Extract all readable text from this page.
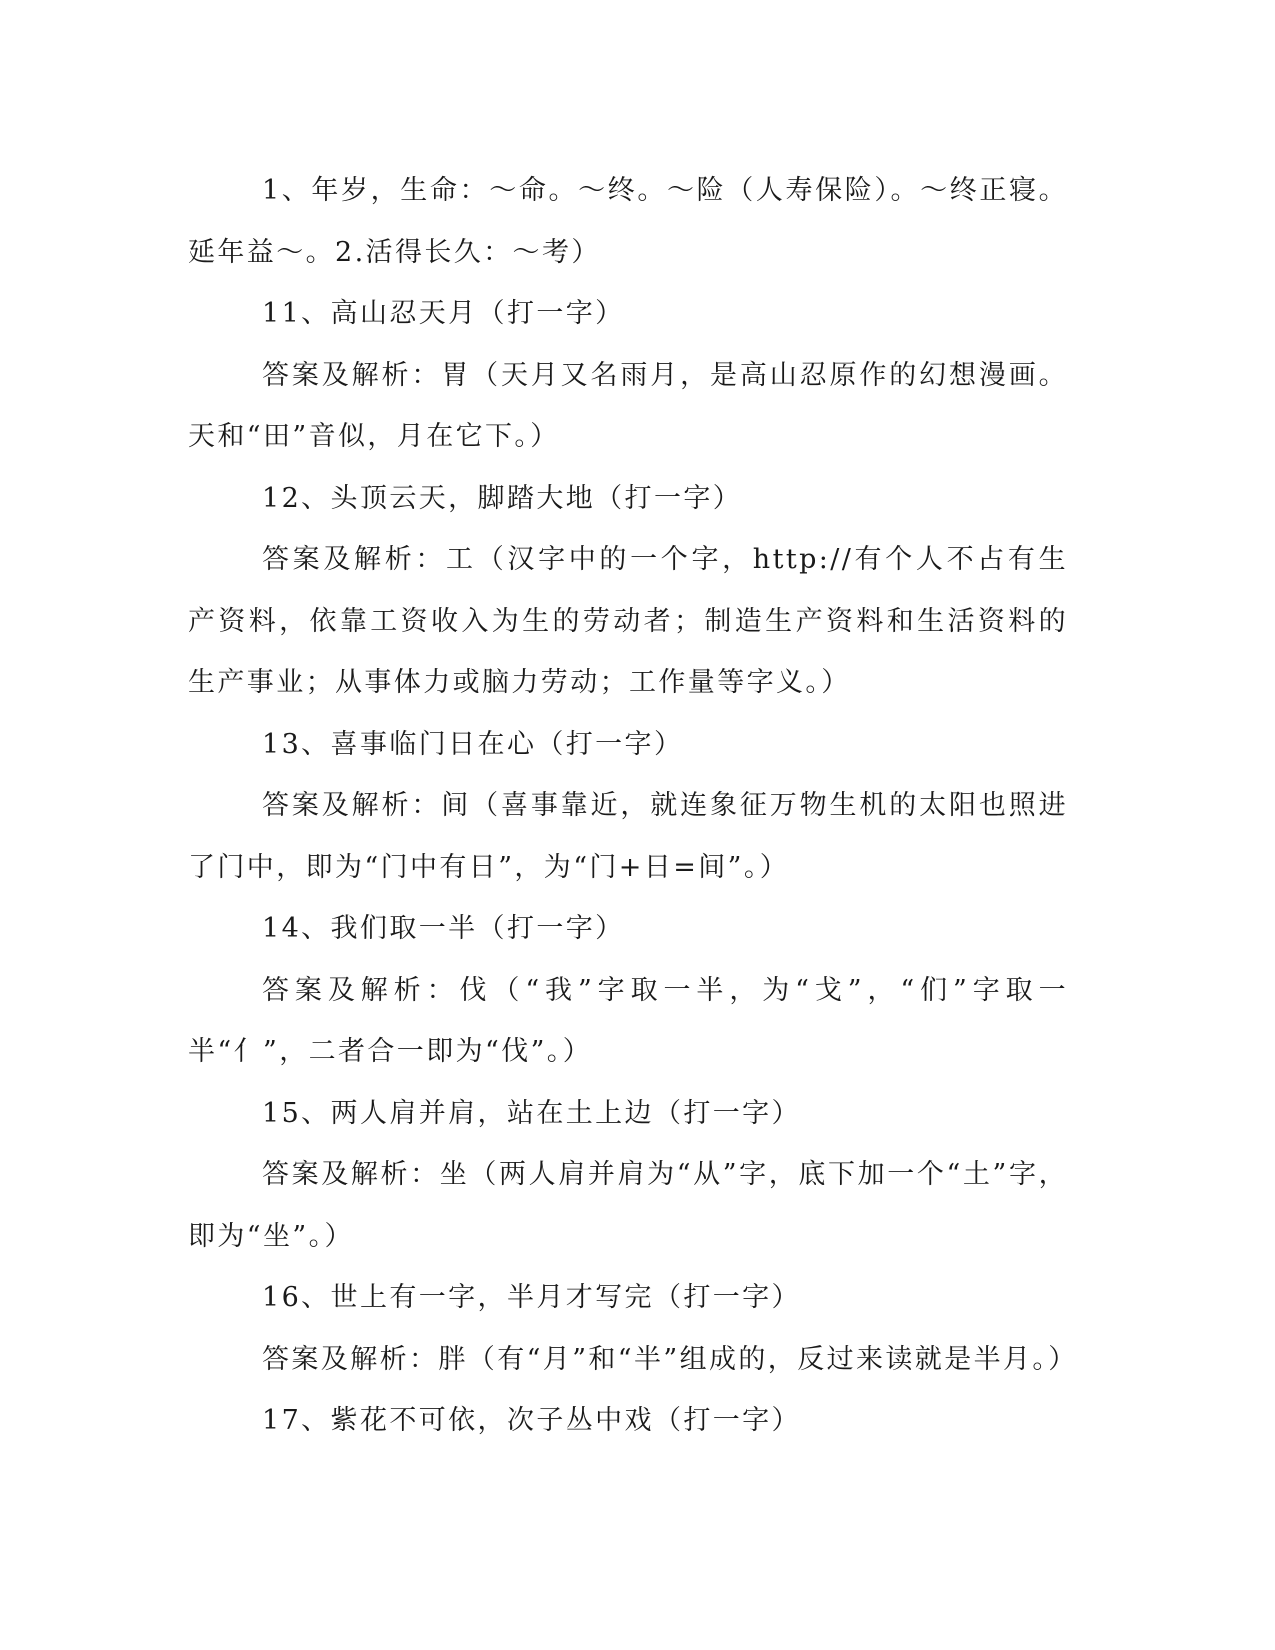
1、年岁，生命：～命。～终。～险（人寿保险）。～终正寝。延年益～。2.活得长久：～考）

11、高山忍天月（打一字）

答案及解析：胃（天月又名雨月，是高山忍原作的幻想漫画。天和“田”音似，月在它下。）

12、头顶云天，脚踏大地（打一字）

答案及解析：工（汉字中的一个字，http://有个人不占有生产资料，依靠工资收入为生的劳动者；制造生产资料和生活资料的生产事业；从事体力或脑力劳动；工作量等字义。）

13、喜事临门日在心（打一字）

答案及解析：间（喜事靠近，就连象征万物生机的太阳也照进了门中，即为“门中有日”，为“门+日=间”。）

14、我们取一半（打一字）

答案及解析：伐（“我”字取一半，为“戈”，“们”字取一半“亻”，二者合一即为“伐”。）

15、两人肩并肩，站在土上边（打一字）

答案及解析：坐（两人肩并肩为“从”字，底下加一个“土”字，即为“坐”。）

16、世上有一字，半月才写完（打一字）

答案及解析：胖（有“月”和“半”组成的，反过来读就是半月。）

17、紫花不可依，次子丛中戏（打一字）
